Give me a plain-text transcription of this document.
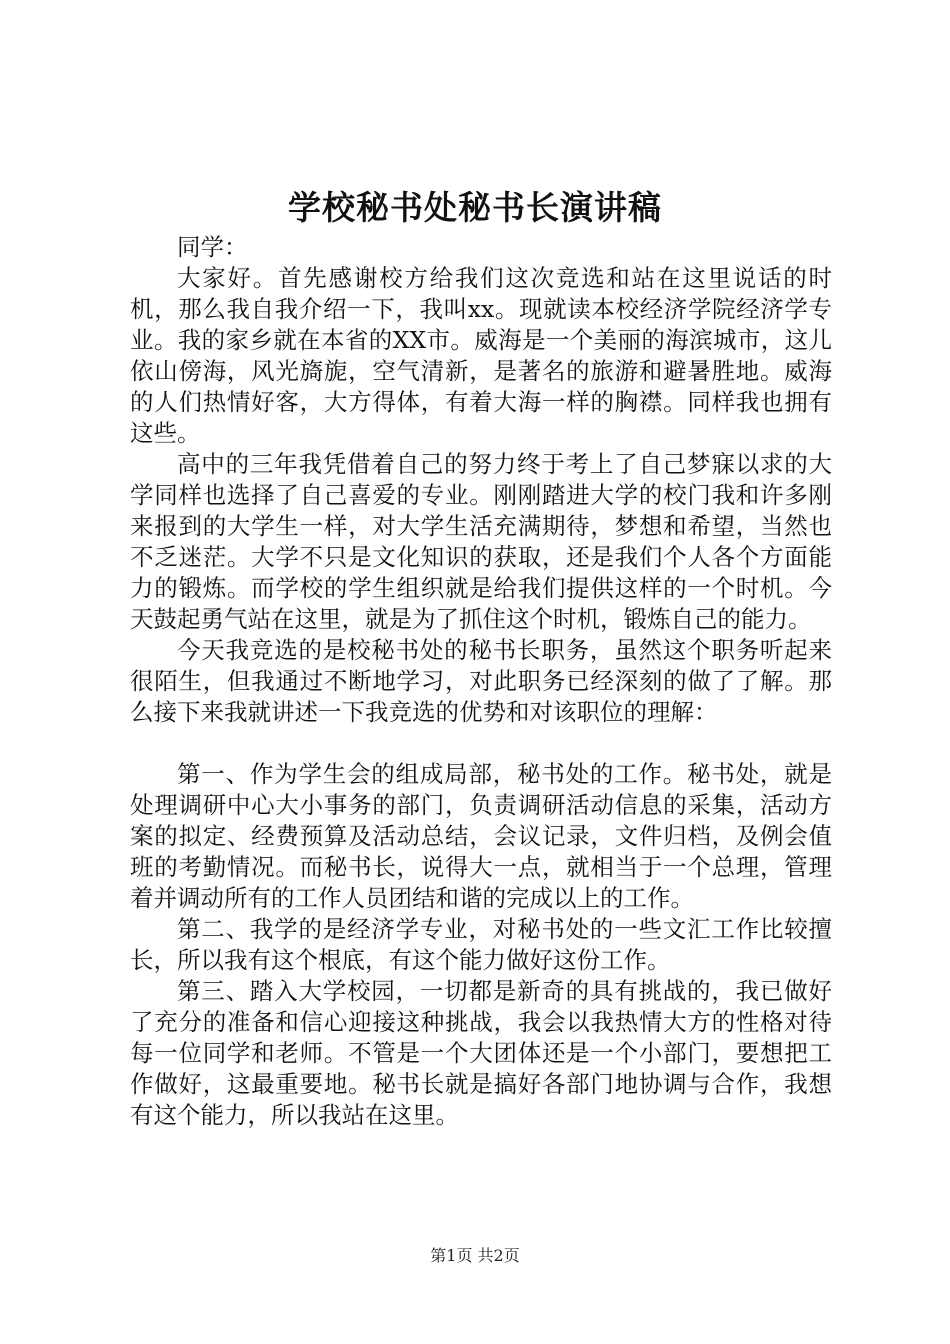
学校秘书处秘书长演讲稿

同学：

大家好。首先感谢校方给我们这次竞选和站在这里说话的时机，那么我自我介绍一下，我叫xx。现就读本校经济学院经济学专业。我的家乡就在本省的XX市。威海是一个美丽的海滨城市，这儿依山傍海，风光旖旎，空气清新，是著名的旅游和避暑胜地。威海的人们热情好客，大方得体，有着大海一样的胸襟。同样我也拥有这些。

高中的三年我凭借着自己的努力终于考上了自己梦寐以求的大学同样也选择了自己喜爱的专业。刚刚踏进大学的校门我和许多刚来报到的大学生一样，对大学生活充满期待，梦想和希望，当然也不乏迷茫。大学不只是文化知识的获取，还是我们个人各个方面能力的锻炼。而学校的学生组织就是给我们提供这样的一个时机。今天鼓起勇气站在这里，就是为了抓住这个时机，锻炼自己的能力。

今天我竞选的是校秘书处的秘书长职务，虽然这个职务听起来很陌生，但我通过不断地学习，对此职务已经深刻的做了了解。那么接下来我就讲述一下我竞选的优势和对该职位的理解：

第一、作为学生会的组成局部，秘书处的工作。秘书处，就是处理调研中心大小事务的部门，负责调研活动信息的采集，活动方案的拟定、经费预算及活动总结，会议记录，文件归档，及例会值班的考勤情况。而秘书长，说得大一点，就相当于一个总理，管理着并调动所有的工作人员团结和谐的完成以上的工作。

第二、我学的是经济学专业，对秘书处的一些文汇工作比较擅长，所以我有这个根底，有这个能力做好这份工作。

第三、踏入大学校园，一切都是新奇的具有挑战的，我已做好了充分的准备和信心迎接这种挑战，我会以我热情大方的性格对待每一位同学和老师。不管是一个大团体还是一个小部门，要想把工作做好，这最重要地。秘书长就是搞好各部门地协调与合作，我想有这个能力，所以我站在这里。

第1页 共2页
